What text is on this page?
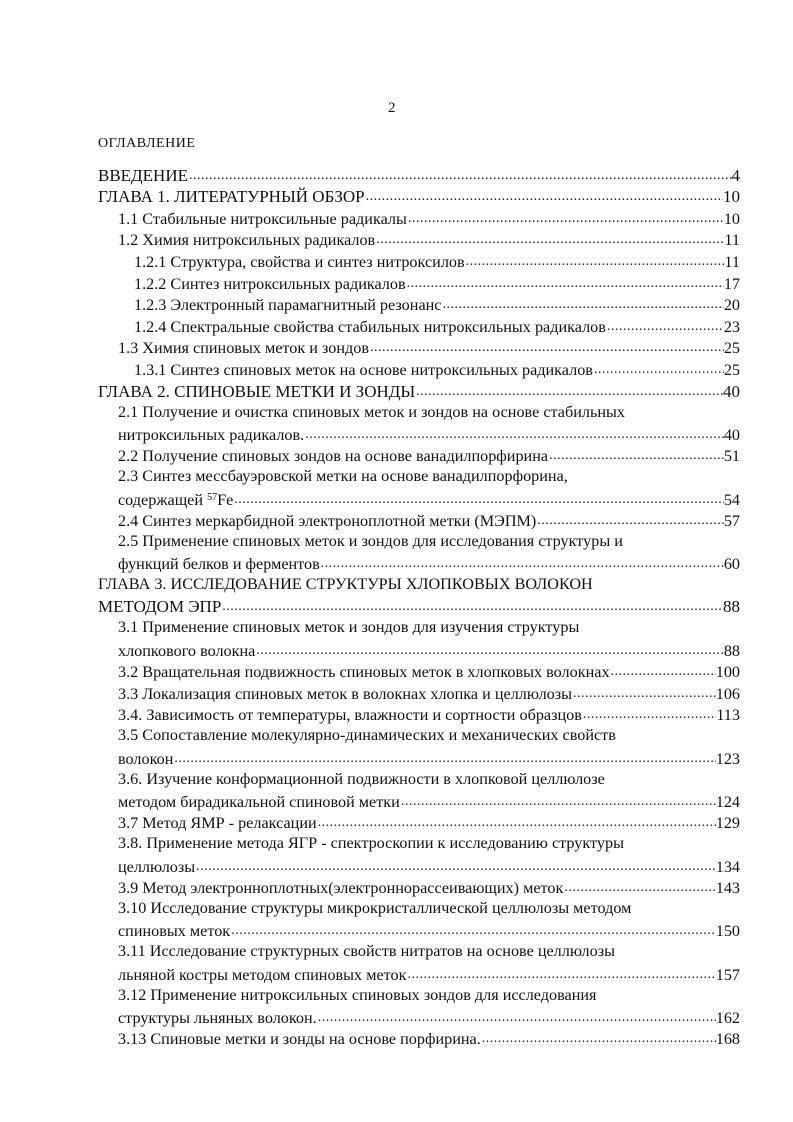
2
ОГЛАВЛЕНИЕ
ВВЕДЕНИЕ .....	4
ГЛАВА 1. ЛИТЕРАТУРНЫЙ ОБЗОР .....	10
1.1 Стабильные нитроксильные радикалы .....	10
1.2 Химия нитроксильных радикалов .....	11
1.2.1 Структура, свойства и синтез нитроксилов .....	11
1.2.2 Синтез нитроксильных радикалов .....	17
1.2.3 Электронный парамагнитный резонанс .....	20
1.2.4 Спектральные свойства стабильных нитроксильных радикалов .....	23
1.3 Химия спиновых меток и зондов .....	25
1.3.1 Синтез спиновых меток на основе нитроксильных радикалов .....	25
ГЛАВА 2. СПИНОВЫЕ МЕТКИ И ЗОНДЫ .....	40
2.1 Получение и очистка спиновых меток и зондов на основе стабильных
нитроксильных радикалов. .....	40
2.2 Получение спиновых зондов на основе ванадилпорфирина .....	51
2.3 Синтез мессбауэровской метки на основе ванадилпорфорина,
содержащей $^{57}$Fe .....	54
2.4 Синтез меркарбидной электроноплотной метки (МЭПМ) .....	57
2.5 Применение спиновых меток и зондов для исследования структуры и
функций белков и ферментов .....	60
ГЛАВА 3. ИССЛЕДОВАНИЕ СТРУКТУРЫ ХЛОПКОВЫХ ВОЛОКОН
МЕТОДОМ ЭПР .....	88
3.1 Применение спиновых меток и зондов для изучения структуры
хлопкового волокна .....	88
3.2 Вращательная подвижность спиновых меток в хлопковых волокнах .....	100
3.3 Локализация спиновых меток в волокнах хлопка и целлюлозы .....	106
3.4. Зависимость от температуры, влажности и сортности образцов .....	113
3.5 Сопоставление молекулярно-динамических и механических свойств
волокон .....	123
3.6. Изучение конформационной подвижности в хлопковой целлюлозе
методом бирадикальной спиновой метки .....	124
3.7 Метод ЯМР - релаксации .....	129
3.8. Применение метода ЯГР - спектроскопии к исследованию структуры
целлюлозы .....	134
3.9 Метод электронноплотных(электроннорассеивающих) меток .....	143
3.10 Исследование структуры микрокристаллической целлюлозы методом
спиновых меток .....	150
3.11 Исследование структурных свойств нитратов на основе целлюлозы
льняной костры методом спиновых меток .....	157
3.12 Применение нитроксильных спиновых зондов для исследования
структуры льняных волокон. .....	162
3.13 Спиновые метки и зонды на основе порфирина. .....	168
